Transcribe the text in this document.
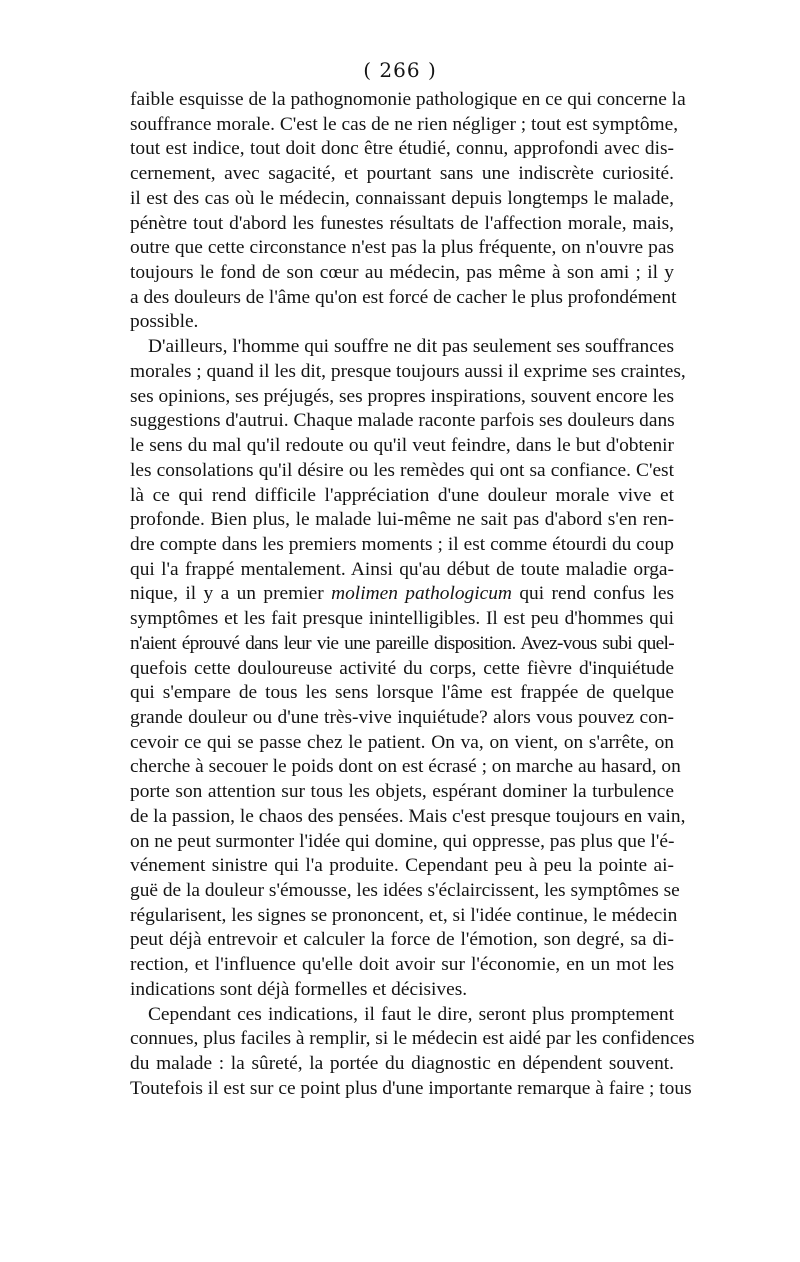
( 266 )
faible esquisse de la pathognomonie pathologique en ce qui concerne la
souffrance morale. C'est le cas de ne rien négliger ; tout est symptôme,
tout est indice, tout doit donc être étudié, connu, approfondi avec dis-
cernement, avec sagacité, et pourtant sans une indiscrète curiosité.
il est des cas où le médecin, connaissant depuis longtemps le malade,
pénètre tout d'abord les funestes résultats de l'affection morale, mais,
outre que cette circonstance n'est pas la plus fréquente, on n'ouvre pas
toujours le fond de son cœur au médecin, pas même à son ami ; il y
a des douleurs de l'âme qu'on est forcé de cacher le plus profondément
possible.
D'ailleurs, l'homme qui souffre ne dit pas seulement ses souffrances
morales ; quand il les dit, presque toujours aussi il exprime ses craintes,
ses opinions, ses préjugés, ses propres inspirations, souvent encore les
suggestions d'autrui. Chaque malade raconte parfois ses douleurs dans
le sens du mal qu'il redoute ou qu'il veut feindre, dans le but d'obtenir
les consolations qu'il désire ou les remèdes qui ont sa confiance. C'est
là ce qui rend difficile l'appréciation d'une douleur morale vive et
profonde. Bien plus, le malade lui-même ne sait pas d'abord s'en ren-
dre compte dans les premiers moments ; il est comme étourdi du coup
qui l'a frappé mentalement. Ainsi qu'au début de toute maladie orga-
nique, il y a un premier molimen pathologicum qui rend confus les
symptômes et les fait presque inintelligibles. Il est peu d'hommes qui
n'aient éprouvé dans leur vie une pareille disposition. Avez-vous subi quel-
quefois cette douloureuse activité du corps, cette fièvre d'inquiétude
qui s'empare de tous les sens lorsque l'âme est frappée de quelque
grande douleur ou d'une très-vive inquiétude? alors vous pouvez con-
cevoir ce qui se passe chez le patient. On va, on vient, on s'arrête, on
cherche à secouer le poids dont on est écrasé ; on marche au hasard, on
porte son attention sur tous les objets, espérant dominer la turbulence
de la passion, le chaos des pensées. Mais c'est presque toujours en vain,
on ne peut surmonter l'idée qui domine, qui oppresse, pas plus que l'é-
vénement sinistre qui l'a produite. Cependant peu à peu la pointe ai-
guë de la douleur s'émousse, les idées s'éclaircissent, les symptômes se
régularisent, les signes se prononcent, et, si l'idée continue, le médecin
peut déjà entrevoir et calculer la force de l'émotion, son degré, sa di-
rection, et l'influence qu'elle doit avoir sur l'économie, en un mot les
indications sont déjà formelles et décisives.
Cependant ces indications, il faut le dire, seront plus promptement
connues, plus faciles à remplir, si le médecin est aidé par les confidences
du malade : la sûreté, la portée du diagnostic en dépendent souvent.
Toutefois il est sur ce point plus d'une importante remarque à faire ; tous
